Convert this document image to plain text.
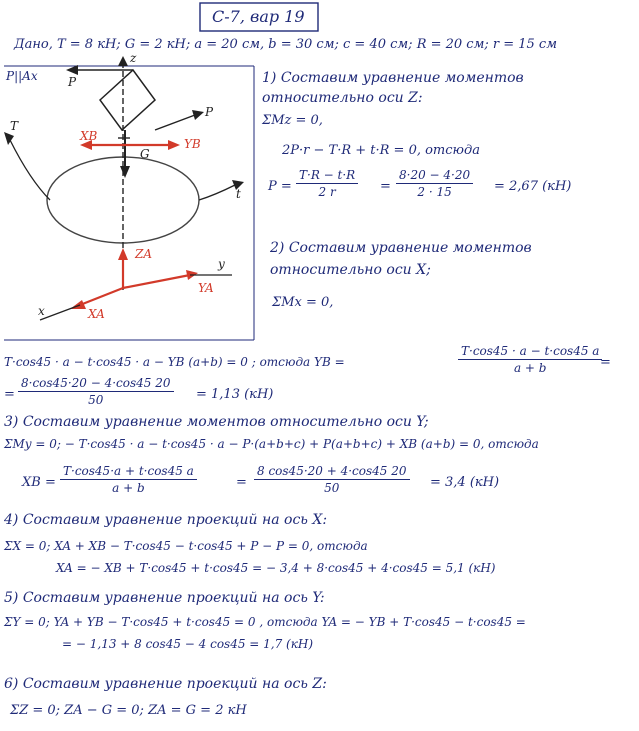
С-7, вар 19
Дано, T = 8 кН; G = 2 кН; a = 20 см, b = 30 см; c = 40 см; R = 20 см; r = 15 см
P||Ax
T
t
P
P
z
y
x
G
XB
YB
ZA
YA
XA
1) Составим уравнение моментов
относительно оси Z:
ΣMz = 0,
2P·r − T·R + t·R = 0, отсюда
$P = \frac{T\cdot R - t\cdot R}{2 r} = \frac{8\cdot 20 - 4\cdot 20}{2 \cdot 15} = 2,67$ (кН)
2) Составим уравнение моментов
относительно оси X;
ΣMx = 0,
T·cos45 · a − t·cos45 · a − YB (a+b) = 0 ; отсюда YB =	$\frac{T\cdot\cos 45 \cdot a - t\cdot\cos 45 a}{a + b}$
=
= $\frac{8\cdot\cos 45\cdot 20 - 4\cdot\cos 45 20}{50} = 1,13$ (кН)
3) Составим уравнение моментов относительно оси Y;
ΣMy = 0; − T·cos45 · a − t·cos45 · a − P·(a+b+c) + P(a+b+c) + XB (a+b) = 0, отсюда
XB = $\frac{T\cdot\cos 45\cdot a + t\cdot\cos 45 a}{a + b}$	= $\frac{8 \cos 45\cdot 20 + 4\cdot\cos 45 20}{50} = 3,4$ (кН)
4) Составим уравнение проекций на ось X:
ΣX = 0; XA + XB − T·cos45 − t·cos45 + P − P = 0, отсюда
XA = − XB + T·cos45 + t·cos45 = − 3,4 + 8·cos45 + 4·cos45 = 5,1 (кН)
5) Составим уравнение проекций на ось Y:
ΣY = 0; YA + YB − T·cos45 + t·cos45 = 0 , отсюда YA = − YB + T·cos45 − t·cos45 =
= − 1,13 + 8 cos45 − 4 cos45 = 1,7 (кН)
6) Составим уравнение проекций на ось Z:
ΣZ = 0; ZA − G = 0; ZA = G = 2 кН
